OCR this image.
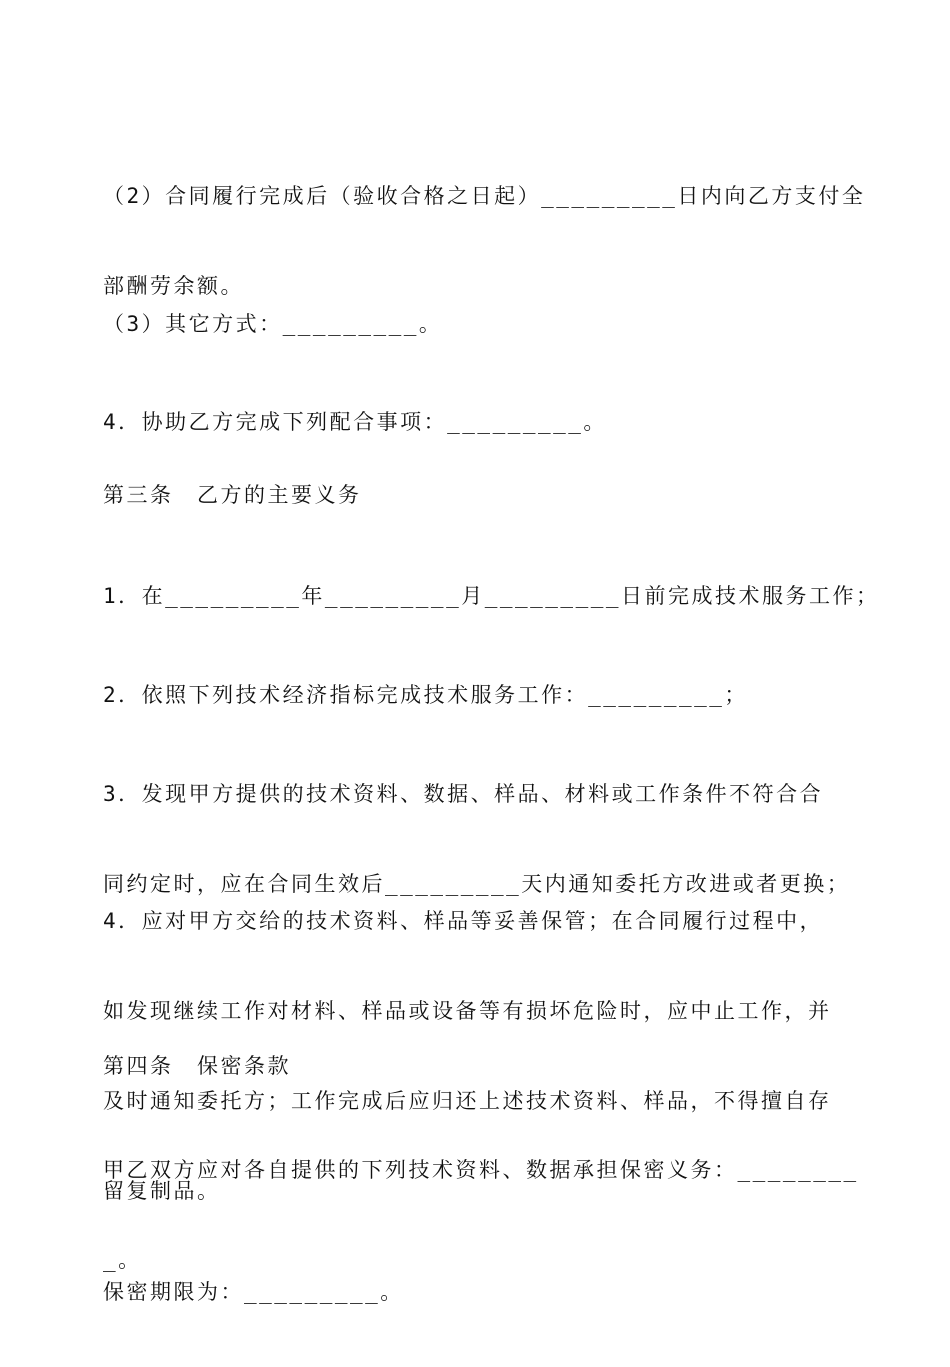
（2）合同履行完成后（验收合格之日起）_________日内向乙方支付全

部酬劳余额。

（3）其它方式：_________。

4．协助乙方完成下列配合事项：_________。

第三条　乙方的主要义务

1．在_________年_________月_________日前完成技术服务工作；

2．依照下列技术经济指标完成技术服务工作：_________；

3．发现甲方提供的技术资料、数据、样品、材料或工作条件不符合合

同约定时，应在合同生效后_________天内通知委托方改进或者更换；

4．应对甲方交给的技术资料、样品等妥善保管；在合同履行过程中，

如发现继续工作对材料、样品或设备等有损坏危险时，应中止工作，并

及时通知委托方；工作完成后应归还上述技术资料、样品，不得擅自存

留复制品。

第四条　保密条款

甲乙双方应对各自提供的下列技术资料、数据承担保密义务：________

_。

保密期限为：_________。
